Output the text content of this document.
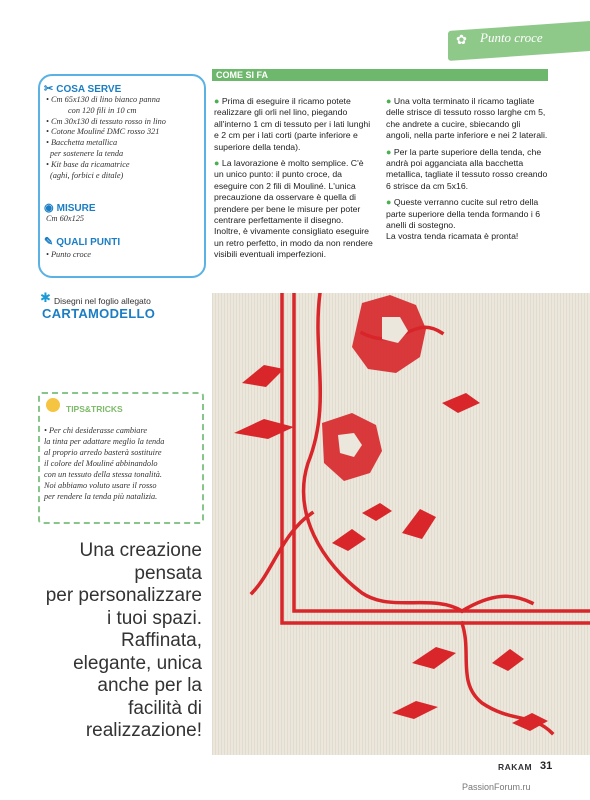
✿ Punto croce
✂ COSA SERVE
• Cm 65x130 di lino bianco panna
con 120 fili in 10 cm
• Cm 30x130 di tessuto rosso in lino
• Cotone Mouliné DMC rosso 321
• Bacchetta metallica
per sostenere la tenda
• Kit base da ricamatrice
(aghi, forbici e ditale)
◉ MISURE
Cm 60x125
✎ QUALI PUNTI
• Punto croce
✱ Disegni nel foglio allegato
CARTAMODELLO
COME SI FA

● Prima di eseguire il ricamo potete realizzare gli orli nel lino, piegando all'interno 1 cm di tessuto per i lati lunghi e 2 cm per i lati corti (parte inferiore e superiore della tenda).

● La lavorazione è molto semplice. C'è un unico punto: il punto croce, da eseguire con 2 fili di Mouliné. L'unica precauzione da osservare è quella di prendere per bene le misure per poter centrare perfettamente il disegno.

Inoltre, è vivamente consigliato eseguire un retro perfetto, in modo da non rendere visibili eventuali imperfezioni.

● Una volta terminato il ricamo tagliate delle strisce di tessuto rosso larghe cm 5, che andrete a cucire, sbiecando gli angoli, nella parte inferiore e nei 2 laterali.

● Per la parte superiore della tenda, che andrà poi agganciata alla bacchetta metallica, tagliate il tessuto rosso creando 6 strisce da cm 5x16.

● Queste verranno cucite sul retro della parte superiore della tenda formando i 6 anelli di sostegno.

La vostra tenda ricamata è pronta!

TIPS&TRICKS
• Per chi desiderasse cambiare
la tinta per adattare meglio la tenda
al proprio arredo basterà sostituire
il colore del Mouliné abbinandolo
con un tessuto della stessa tonalità.
Noi abbiamo voluto usare il rosso
per rendere la tenda più natalizia.
Una creazione
pensata
per personalizzare
i tuoi spazi.
Raffinata,
elegante, unica
anche per la
facilità di
realizzazione!
RAKAM 31
PassionForum.ru
